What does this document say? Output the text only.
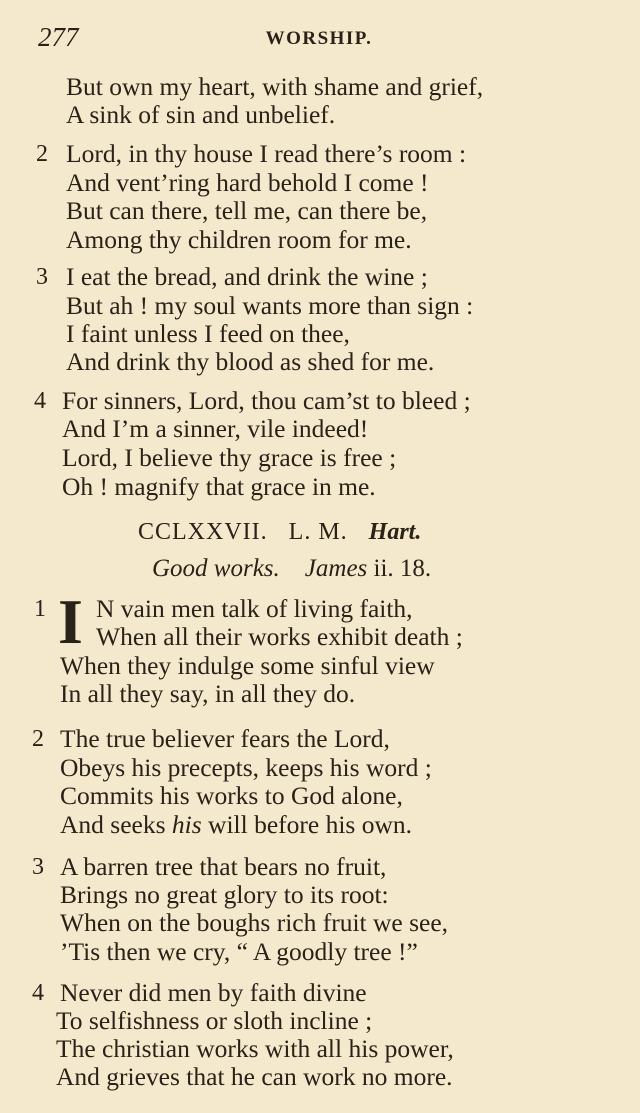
277	WORSHIP.
But own my heart, with shame and grief,
A sink of sin and unbelief.
2 Lord, in thy house I read there’s room :
And vent’ring hard behold I come !
But can there, tell me, can there be,
Among thy children room for me.
3 I eat the bread, and drink the wine ;
But ah ! my soul wants more than sign :
I faint unless I feed on thee,
And drink thy blood as shed for me.
4 For sinners, Lord, thou cam’st to bleed ;
And I’m a sinner, vile indeed!
Lord, I believe thy grace is free ;
Oh ! magnify that grace in me.
CCLXXVII. L. M. Hart.
Good works. James ii. 18.
1 I N vain men talk of living faith,
When all their works exhibit death ;
When they indulge some sinful view
In all they say, in all they do.
2 The true believer fears the Lord,
Obeys his precepts, keeps his word ;
Commits his works to God alone,
And seeks his will before his own.
3 A barren tree that bears no fruit,
Brings no great glory to its root:
When on the boughs rich fruit we see,
’Tis then we cry, “ A goodly tree !”
4 Never did men by faith divine
To selfishness or sloth incline ;
The christian works with all his power,
And grieves that he can work no more.
